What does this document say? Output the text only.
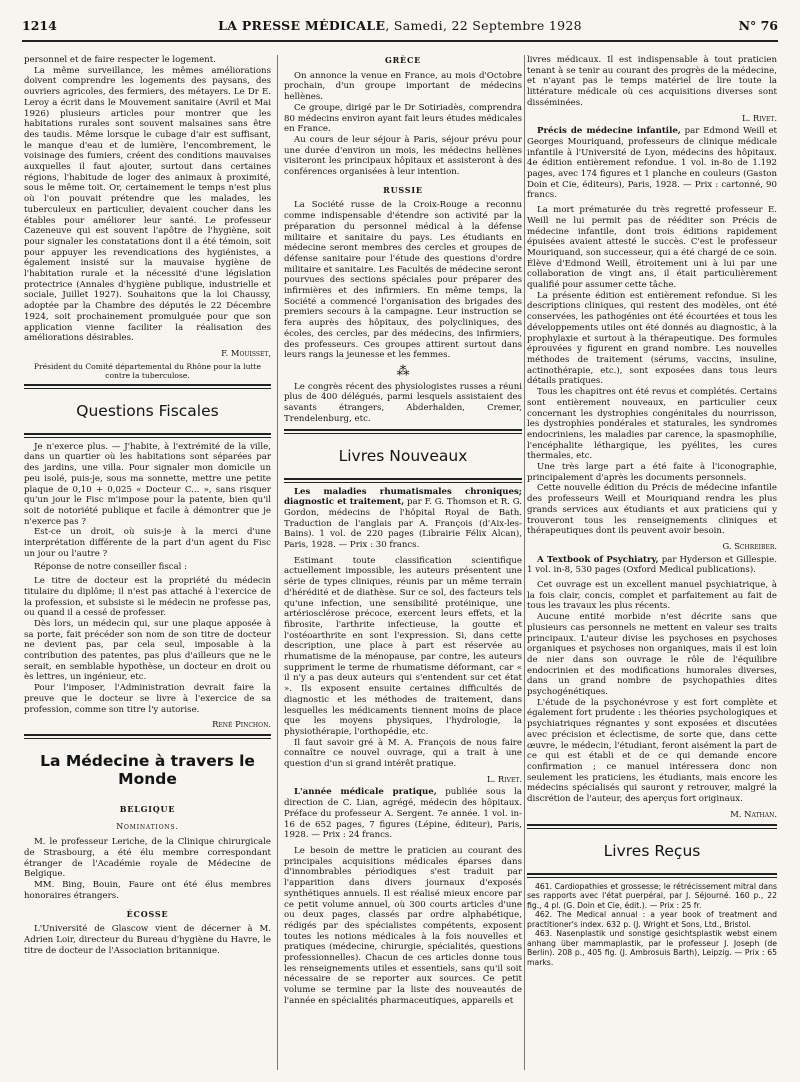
1214	LA PRESSE MÉDICALE, Samedi, 22 Septembre 1928	N° 76

personnel et de faire respecter le logement.

La même surveillance, les mêmes améliorations doivent comprendre les logements des paysans, des ouvriers agricoles, des fermiers, des métayers. Le Dr E. Leroy a écrit dans le Mouvement sanitaire (Avril et Mai 1926) plusieurs articles pour montrer que les habitations rurales sont souvent malsaines sans être des taudis. Même lorsque le cubage d'air est suffisant, le manque d'eau et de lumière, l'encombrement, le voisinage des fumiers, créent des conditions mauvaises auxquelles il faut ajouter, surtout dans certaines régions, l'habitude de loger des animaux à proximité, sous le même toit. Or, certainement le temps n'est plus où l'on pouvait prétendre que les malades, les tuberculeux en particulier, devaient coucher dans les étables pour améliorer leur santé. Le professeur Cazeneuve qui est souvent l'apôtre de l'hygiène, soit pour signaler les constatations dont il a été témoin, soit pour appuyer les revendications des hygiénistes, a également insisté sur la mauvaise hygiène de l'habitation rurale et la nécessité d'une législation protectrice (Annales d'hygiène publique, industrielle et sociale, Juillet 1927). Souhaitons que la loi Chaussy, adoptée par la Chambre des députés le 22 Décembre 1924, soit prochainement promulguée pour que son application vienne faciliter la réalisation des améliorations désirables.

F. Mouisset,
Président du Comité départemental du Rhône pour la lutte contre la tuberculose.
Questions Fiscales

Je n'exerce plus. — J'habite, à l'extrémité de la ville, dans un quartier où les habitations sont séparées par des jardins, une villa. Pour signaler mon domicile un peu isolé, puis-je, sous ma sonnette, mettre une petite plaque de 0,10 + 0,025 « Docteur C... », sans risquer qu'un jour le Fisc m'impose pour la patente, bien qu'il soit de notoriété publique et facile à démontrer que je n'exerce pas ?

Est-ce un droit, où suis-je à la merci d'une interprétation différente de la part d'un agent du Fisc un jour ou l'autre ?

Réponse de notre conseiller fiscal :

Le titre de docteur est la propriété du médecin titulaire du diplôme; il n'est pas attaché à l'exercice de la profession, et subsiste si le médecin ne professe pas, ou quand il a cessé de professer.

Dès lors, un médecin qui, sur une plaque apposée à sa porte, fait précéder son nom de son titre de docteur ne devient pas, par cela seul, imposable à la contribution des patentes, pas plus d'ailleurs que ne le serait, en semblable hypothèse, un docteur en droit ou ès lettres, un ingénieur, etc.

Pour l'imposer, l'Administration devrait faire la preuve que le docteur se livre à l'exercice de sa profession, comme son titre l'y autorise.

René Pinchon.
La Médecine à travers le Monde
BELGIQUE
Nominations.

M. le professeur Leriche, de la Clinique chirurgicale de Strasbourg, a été élu membre correspondant étranger de l'Académie royale de Médecine de Belgique.

MM. Bing, Bouin, Faure ont été élus membres honoraires étrangers.

ÉCOSSE

L'Université de Glascow vient de décerner à M. Adrien Loir, directeur du Bureau d'hygiène du Havre, le titre de docteur de l'Association britannique.

GRÈCE

On annonce la venue en France, au mois d'Octobre prochain, d'un groupe important de médecins hellènes.

Ce groupe, dirigé par le Dr Sotiriadès, comprendra 80 médecins environ ayant fait leurs études médicales en France.

Au cours de leur séjour à Paris, séjour prévu pour une durée d'environ un mois, les médecins hellènes visiteront les principaux hôpitaux et assisteront à des conférences organisées à leur intention.

RUSSIE

La Société russe de la Croix-Rouge a reconnu comme indispensable d'étendre son activité par la préparation du personnel médical à la défense militaire et sanitaire du pays. Les étudiants en médecine seront membres des cercles et groupes de défense sanitaire pour l'étude des questions d'ordre militaire et sanitaire. Les Facultés de médecine seront pourvues des sections spéciales pour préparer des infirmières et des infirmiers. En même temps, la Société a commencé l'organisation des brigades des premiers secours à la campagne. Leur instruction se fera auprès des hôpitaux, des polycliniques, des écoles, des cercles, par des médecins, des infirmiers, des professeurs. Ces groupes attirent surtout dans leurs rangs la jeunesse et les femmes.

⁂

Le congrès récent des physiologistes russes a réuni plus de 400 délégués, parmi lesquels assistaient des savants étrangers, Abderhalden, Cremer, Trendelenburg, etc.

Livres Nouveaux

Les maladies rhumatismales chroniques; diagnostic et traitement, par F. G. Thomson et R. G. Gordon, médecins de l'hôpital Royal de Bath. Traduction de l'anglais par A. François (d'Aix-les-Bains). 1 vol. de 220 pages (Librairie Félix Alcan), Paris, 1928. — Prix : 30 francs.

Estimant toute classification scientifique actuellement impossible, les auteurs présentent une série de types cliniques, réunis par un même terrain d'hérédité et de diathèse. Sur ce sol, des facteurs tels qu'une infection, une sensibilité protéinique, une artériosclérose précoce, exercent leurs effets, et la fibrosite, l'arthrite infectieuse, la goutte et l'ostéoarthrite en sont l'expression. Si, dans cette description, une place à part est réservée au rhumatisme de la ménopause, par contre, les auteurs suppriment le terme de rhumatisme déformant, car « il n'y a pas deux auteurs qui s'entendent sur cet état ». Ils exposent ensuite certaines difficultés de diagnostic et les méthodes de traitement, dans lesquelles les médicaments tiennent moins de place que les moyens physiques, l'hydrologie, la physiothérapie, l'orthopédie, etc.

Il faut savoir gré à M. A. François de nous faire connaître ce nouvel ouvrage, qui a trait à une question d'un si grand intérêt pratique.

L. Rivet.

L'année médicale pratique, publiée sous la direction de C. Lian, agrégé, médecin des hôpitaux. Préface du professeur A. Sergent. 7e année. 1 vol. in-16 de 652 pages, 7 figures (Lépine, éditeur), Paris, 1928. — Prix : 24 francs.

Le besoin de mettre le praticien au courant des principales acquisitions médicales éparses dans d'innombrables périodiques s'est traduit par l'apparition dans divers journaux d'exposés synthétiques annuels. Il est réalisé mieux encore par ce petit volume annuel, où 300 courts articles d'une ou deux pages, classés par ordre alphabétique, rédigés par des spécialistes compétents, exposent toutes les notions médicales à la fois nouvelles et pratiques (médecine, chirurgie, spécialités, questions professionnelles). Chacun de ces articles donne tous les renseignements utiles et essentiels, sans qu'il soit nécessaire de se reporter aux sources. Ce petit volume se termine par la liste des nouveautés de l'année en spécialités pharmaceutiques, appareils et

livres médicaux. Il est indispensable à tout praticien tenant à se tenir au courant des progrès de la médecine, et n'ayant pas le temps matériel de lire toute la littérature médicale où ces acquisitions diverses sont disséminées.

L. Rivet.

Précis de médecine infantile, par Edmond Weill et Georges Mouriquand, professeurs de clinique médicale infantile à l'Université de Lyon, médecins des hôpitaux. 4e édition entièrement refondue. 1 vol. in-8o de 1.192 pages, avec 174 figures et 1 planche en couleurs (Gaston Doin et Cie, éditeurs), Paris, 1928. — Prix : cartonné, 90 francs.

La mort prématurée du très regretté professeur E. Weill ne lui permit pas de rééditer son Précis de médecine infantile, dont trois éditions rapidement épuisées avaient attesté le succès. C'est le professeur Mouriquand, son successeur, qui a été chargé de ce soin. Élève d'Edmond Weill, étroitement uni à lui par une collaboration de vingt ans, il était particulièrement qualifié pour assumer cette tâche.

La présente édition est entièrement refondue. Si les descriptions cliniques, qui restent des modèles, ont été conservées, les pathogénies ont été écourtées et tous les développements utiles ont été donnés au diagnostic, à la prophylaxie et surtout à la thérapeutique. Des formules éprouvées y figurent en grand nombre. Les nouvelles méthodes de traitement (sérums, vaccins, insuline, actinothérapie, etc.), sont exposées dans tous leurs détails pratiques.

Tous les chapitres ont été revus et complétés. Certains sont entièrement nouveaux, en particulier ceux concernant les dystrophies congénitales du nourrisson, les dystrophies pondérales et staturales, les syndromes endocriniens, les maladies par carence, la spasmophilie, l'encéphalite léthargique, les pyélites, les cures thermales, etc.

Une très large part a été faite à l'iconographie, principalement d'après les documents personnels.

Cette nouvelle édition du Précis de médecine infantile des professeurs Weill et Mouriquand rendra les plus grands services aux étudiants et aux praticiens qui y trouveront tous les renseignements cliniques et thérapeutiques dont ils peuvent avoir besoin.

G. Schreiber.

A Textbook of Psychiatry, par Hyderson et Gillespie. 1 vol. in-8, 530 pages (Oxford Medical publications).

Cet ouvrage est un excellent manuel psychiatrique, à la fois clair, concis, complet et parfaitement au fait de tous les travaux les plus récents.

Aucune entité morbide n'est décrite sans que plusieurs cas personnels ne mettent en valeur ses traits principaux. L'auteur divise les psychoses en psychoses organiques et psychoses non organiques, mais il est loin de nier dans son ouvrage le rôle de l'équilibre endocrinien et des modifications humorales diverses, dans un grand nombre de psychopathies dites psychogénétiques.

L'étude de la psychonévrose y est fort complète et également fort prudente : les théories psychologiques et psychiatriques régnantes y sont exposées et discutées avec précision et éclectisme, de sorte que, dans cette œuvre, le médecin, l'étudiant, feront aisément la part de ce qui est établi et de ce qui demande encore confirmation ; ce manuel intéressera donc non seulement les praticiens, les étudiants, mais encore les médecins spécialisés qui sauront y retrouver, malgré la discrétion de l'auteur, des aperçus fort originaux.

M. Nathan.
Livres Reçus

461. Cardiopathies et grossesse; le rétrécissement mitral dans ses rapports avec l'état puerpéral, par J. Séjourné. 160 p., 22 fig., 4 pl. (G. Doin et Cie, édit.). — Prix : 25 fr.

462. The Medical annual : a year book of treatment and practitioner's index. 632 p. (J. Wright et Sons, Ltd., Bristol.

463. Nasenplastik und sonstige gesichtsplastik webst einem anhang über mammaplastik, par le professeur J. Joseph (de Berlin). 208 p., 405 fig. (J. Ambrosuis Barth), Leipzig. — Prix : 65 marks.
